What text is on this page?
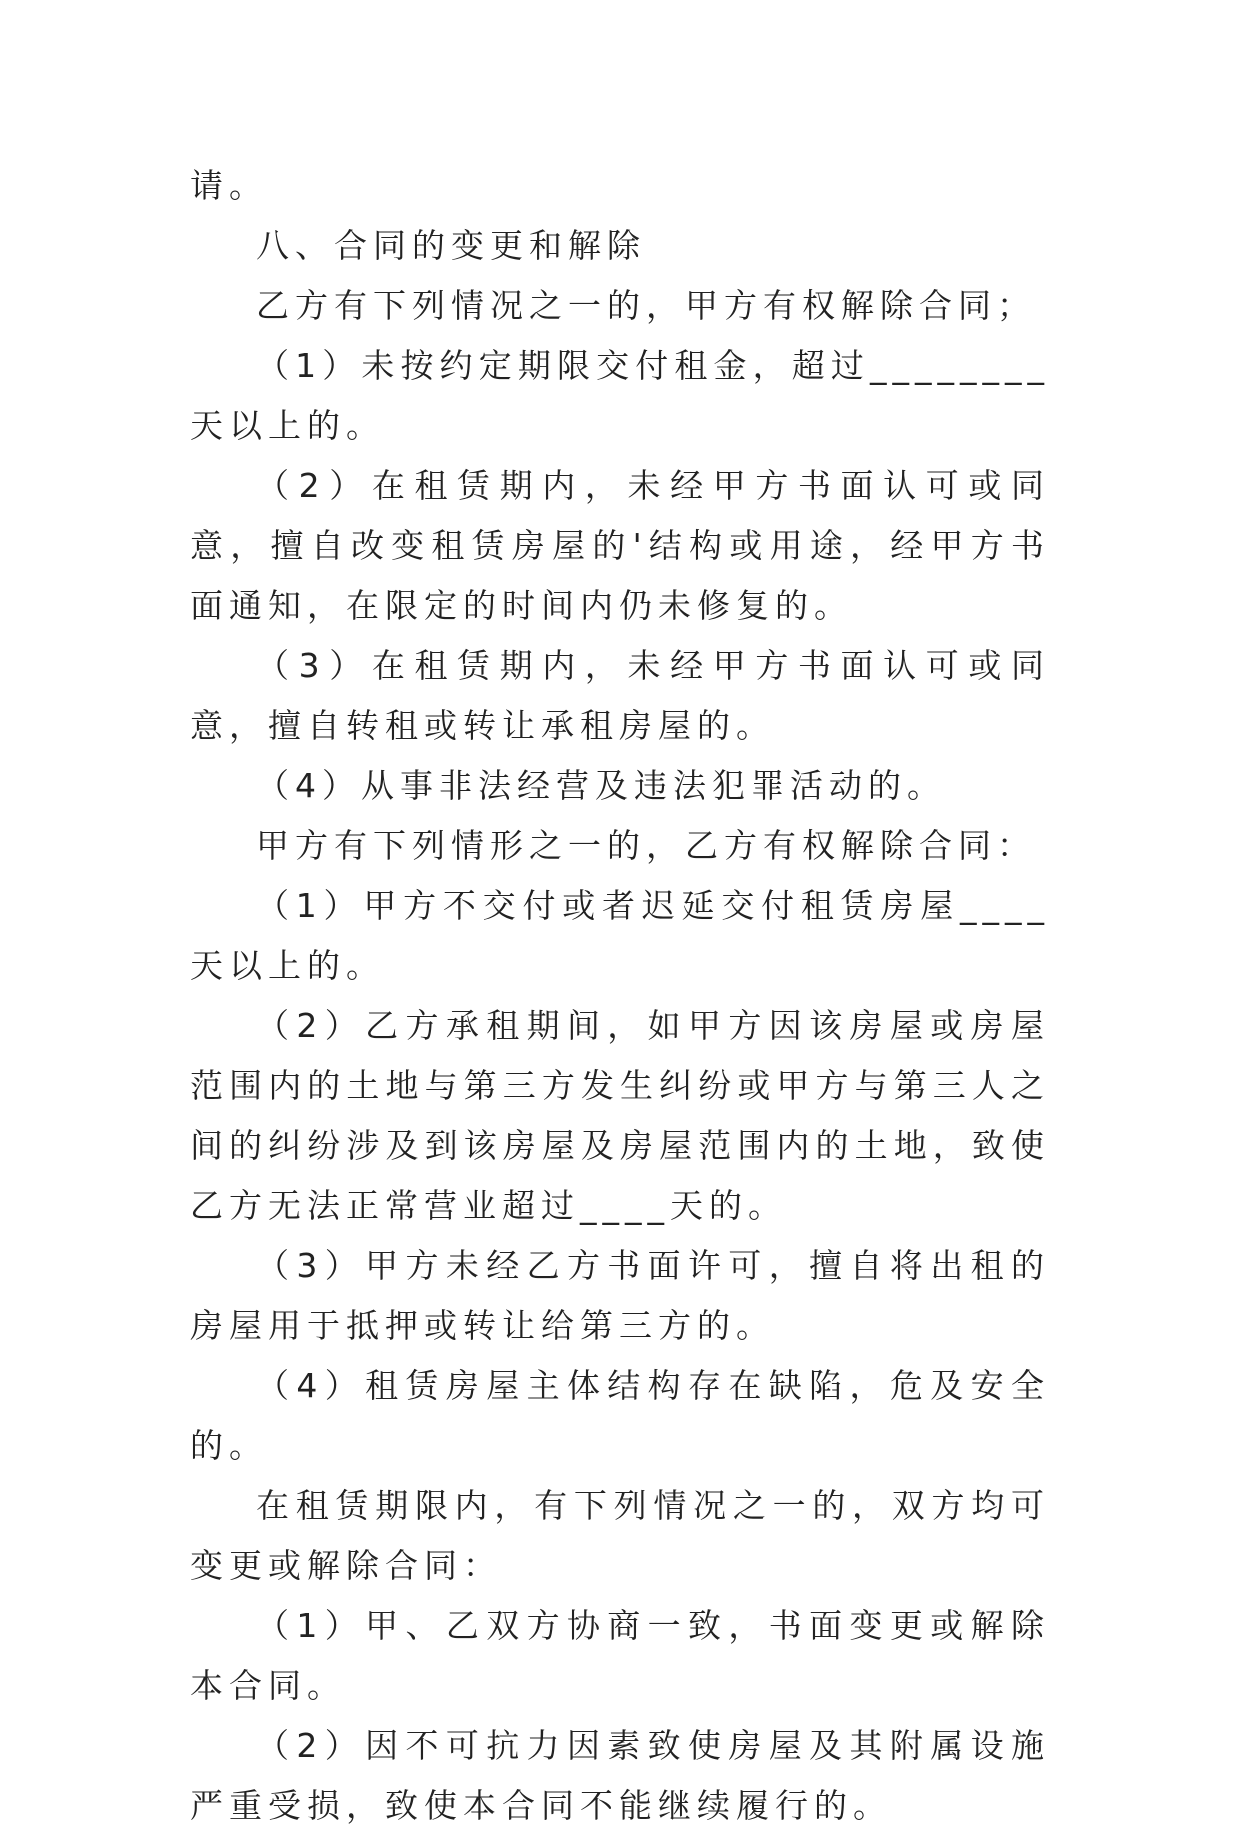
请。

八、合同的变更和解除

乙方有下列情况之一的，甲方有权解除合同；

（1）未按约定期限交付租金，超过________天以上的。

（2）在租赁期内，未经甲方书面认可或同意，擅自改变租赁房屋的'结构或用途，经甲方书面通知，在限定的时间内仍未修复的。

（3）在租赁期内，未经甲方书面认可或同意，擅自转租或转让承租房屋的。

（4）从事非法经营及违法犯罪活动的。

甲方有下列情形之一的，乙方有权解除合同：

（1）甲方不交付或者迟延交付租赁房屋____天以上的。

（2）乙方承租期间，如甲方因该房屋或房屋范围内的土地与第三方发生纠纷或甲方与第三人之间的纠纷涉及到该房屋及房屋范围内的土地，致使乙方无法正常营业超过____天的。

（3）甲方未经乙方书面许可，擅自将出租的房屋用于抵押或转让给第三方的。

（4）租赁房屋主体结构存在缺陷，危及安全的。

在租赁期限内，有下列情况之一的，双方均可变更或解除合同：

（1）甲、乙双方协商一致，书面变更或解除本合同。

（2）因不可抗力因素致使房屋及其附属设施严重受损，致使本合同不能继续履行的。
